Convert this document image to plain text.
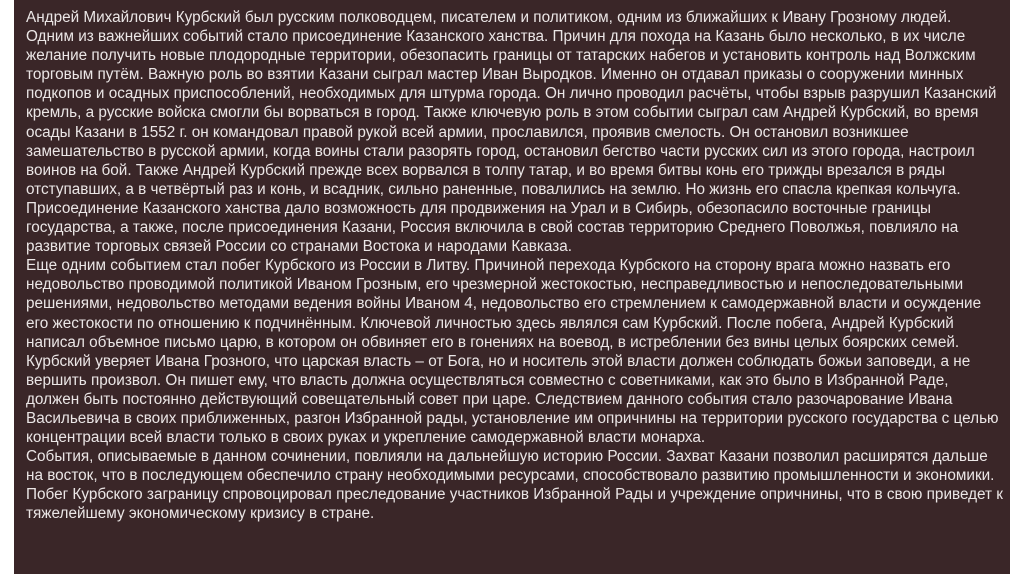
Андрей Михайлович Курбский был русским полководцем, писателем и политиком, одним из ближайших к Ивану Грозному людей.

Одним из важнейших событий стало присоединение Казанского ханства. Причин для похода на Казань было несколько, в их числе желание получить новые плодородные территории, обезопасить границы от татарских набегов и установить контроль над Волжским торговым путём. Важную роль во взятии Казани сыграл мастер Иван Выродков. Именно он отдавал приказы о сооружении минных подкопов и осадных приспособлений, необходимых для штурма города. Он лично проводил расчёты, чтобы взрыв разрушил Казанский кремль, а русские войска смогли бы ворваться в город. Также ключевую роль в этом событии сыграл сам Андрей Курбский, во время осады Казани в 1552 г. он командовал правой рукой всей армии, прославился, проявив смелость. Он остановил возникшее замешательство в русской армии, когда воины стали разорять город, остановил бегство части русских сил из этого города, настроил воинов на бой. Также Андрей Курбский прежде всех ворвался в толпу татар, и во время битвы конь его трижды врезался в ряды отступавших, а в четвёртый раз и конь, и всадник, сильно раненные, повалились на землю. Но жизнь его спасла крепкая кольчуга. Присоединение Казанского ханства дало возможность для продвижения на Урал и в Сибирь, обезопасило восточные границы государства, а также, после присоединения Казани, Россия включила в свой состав территорию Среднего Поволжья, повлияло на развитие торговых связей России со странами Востока и народами Кавказа.

Еще одним событием стал побег Курбского из России в Литву. Причиной перехода Курбского на сторону врага можно назвать его недовольство проводимой политикой Иваном Грозным, его чрезмерной жестокостью, несправедливостью и непоследовательными решениями, недовольство методами ведения войны Иваном 4, недовольство его стремлением к самодержавной власти и осуждение его жестокости по отношению к подчинённым. Ключевой личностью здесь являлся сам Курбский. После побега, Андрей Курбский написал объемное письмо царю, в котором он обвиняет его в гонениях на воевод, в истреблении без вины целых боярских семей. Курбский уверяет Ивана Грозного, что царская власть – от Бога, но и носитель этой власти должен соблюдать божьи заповеди, а не вершить произвол. Он пишет ему, что власть должна осуществляться совместно с советниками, как это было в Избранной Раде, должен быть постоянно действующий совещательный совет при царе. Следствием данного события стало разочарование Ивана Васильевича в своих приближенных, разгон Избранной рады, установление им опричнины на территории русского государства с целью концентрации всей власти только в своих руках и укрепление самодержавной власти монарха.

События, описываемые в данном сочинении, повлияли на дальнейшую историю России. Захват Казани позволил расширятся дальше на восток, что в последующем обеспечило страну необходимыми ресурсами, способствовало развитию промышленности и экономики. Побег Курбского заграницу спровоцировал преследование участников Избранной Рады и учреждение опричнины, что в свою приведет к тяжелейшему экономическому кризису в стране.
